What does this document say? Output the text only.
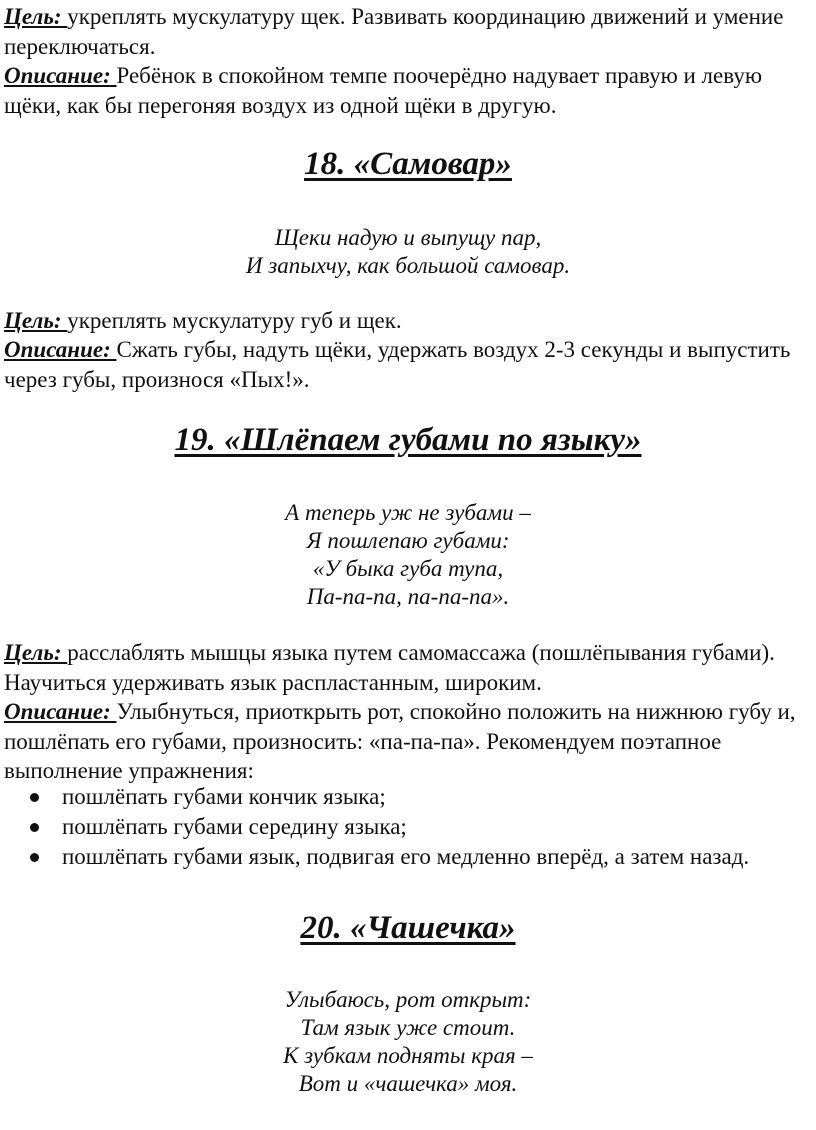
Цель: укреплять мускулатуру щек. Развивать координацию движений и умение переключаться.

Описание: Ребёнок в спокойном темпе поочерёдно надувает правую и левую щёки, как бы перегоняя воздух из одной щёки в другую.

18. «Самовар»
Щеки надую и выпущу пар,
И запыхчу, как большой самовар.

Цель: укреплять мускулатуру губ и щек.

Описание: Сжать губы, надуть щёки, удержать воздух 2-3 секунды и выпустить через губы, произнося «Пых!».

19. «Шлёпаем губами по языку»
А теперь уж не зубами –
Я пошлепаю губами:
«У быка губа тупа,
Па-па-па, па-па-па».

Цель: расслаблять мышцы языка путем самомассажа (пошлёпывания губами). Научиться удерживать язык распластанным, широким.

Описание: Улыбнуться, приоткрыть рот, спокойно положить на нижнюю губу и, пошлёпать его губами, произносить: «па-па-па». Рекомендуем поэтапное выполнение упражнения:

пошлёпать губами кончик языка;
пошлёпать губами середину языка;
пошлёпать губами язык, подвигая его медленно вперёд, а затем назад.
20. «Чашечка»
Улыбаюсь, рот открыт:
Там язык уже стоит.
К зубкам подняты края –
Вот и «чашечка» моя.
